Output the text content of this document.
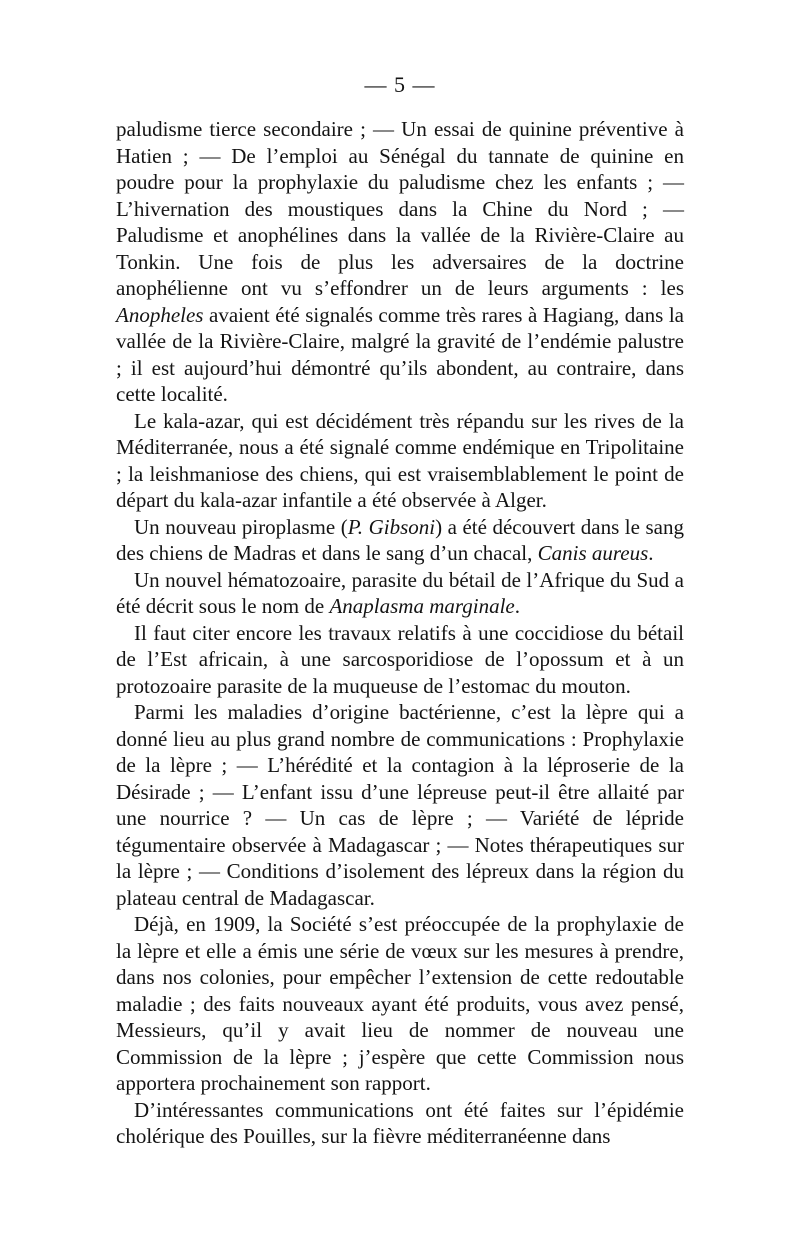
— 5 —

paludisme tierce secondaire ; — Un essai de quinine préventive à Hatien ; — De l’emploi au Sénégal du tannate de quinine en poudre pour la prophylaxie du paludisme chez les enfants ; — L’hivernation des moustiques dans la Chine du Nord ; — Paludisme et anophélines dans la vallée de la Rivière-Claire au Tonkin. Une fois de plus les adversaires de la doctrine anophélienne ont vu s’effondrer un de leurs arguments : les Anopheles avaient été signalés comme très rares à Hagiang, dans la vallée de la Rivière-Claire, malgré la gravité de l’endémie palustre ; il est aujourd’hui démontré qu’ils abondent, au contraire, dans cette localité.

Le kala-azar, qui est décidément très répandu sur les rives de la Méditerranée, nous a été signalé comme endémique en Tripolitaine ; la leishmaniose des chiens, qui est vraisemblablement le point de départ du kala-azar infantile a été observée à Alger.

Un nouveau piroplasme (P. Gibsoni) a été découvert dans le sang des chiens de Madras et dans le sang d’un chacal, Canis aureus.

Un nouvel hématozoaire, parasite du bétail de l’Afrique du Sud a été décrit sous le nom de Anaplasma marginale.

Il faut citer encore les travaux relatifs à une coccidiose du bétail de l’Est africain, à une sarcosporidiose de l’opossum et à un protozoaire parasite de la muqueuse de l’estomac du mouton.

Parmi les maladies d’origine bactérienne, c’est la lèpre qui a donné lieu au plus grand nombre de communications : Prophylaxie de la lèpre ; — L’hérédité et la contagion à la léproserie de la Désirade ; — L’enfant issu d’une lépreuse peut-il être allaité par une nourrice ? — Un cas de lèpre ; — Variété de lépride tégumentaire observée à Madagascar ; — Notes thérapeutiques sur la lèpre ; — Conditions d’isolement des lépreux dans la région du plateau central de Madagascar.

Déjà, en 1909, la Société s’est préoccupée de la prophylaxie de la lèpre et elle a émis une série de vœux sur les mesures à prendre, dans nos colonies, pour empêcher l’extension de cette redoutable maladie ; des faits nouveaux ayant été produits, vous avez pensé, Messieurs, qu’il y avait lieu de nommer de nouveau une Commission de la lèpre ; j’espère que cette Commission nous apportera prochainement son rapport.

D’intéressantes communications ont été faites sur l’épidémie cholérique des Pouilles, sur la fièvre méditerranéenne dans
